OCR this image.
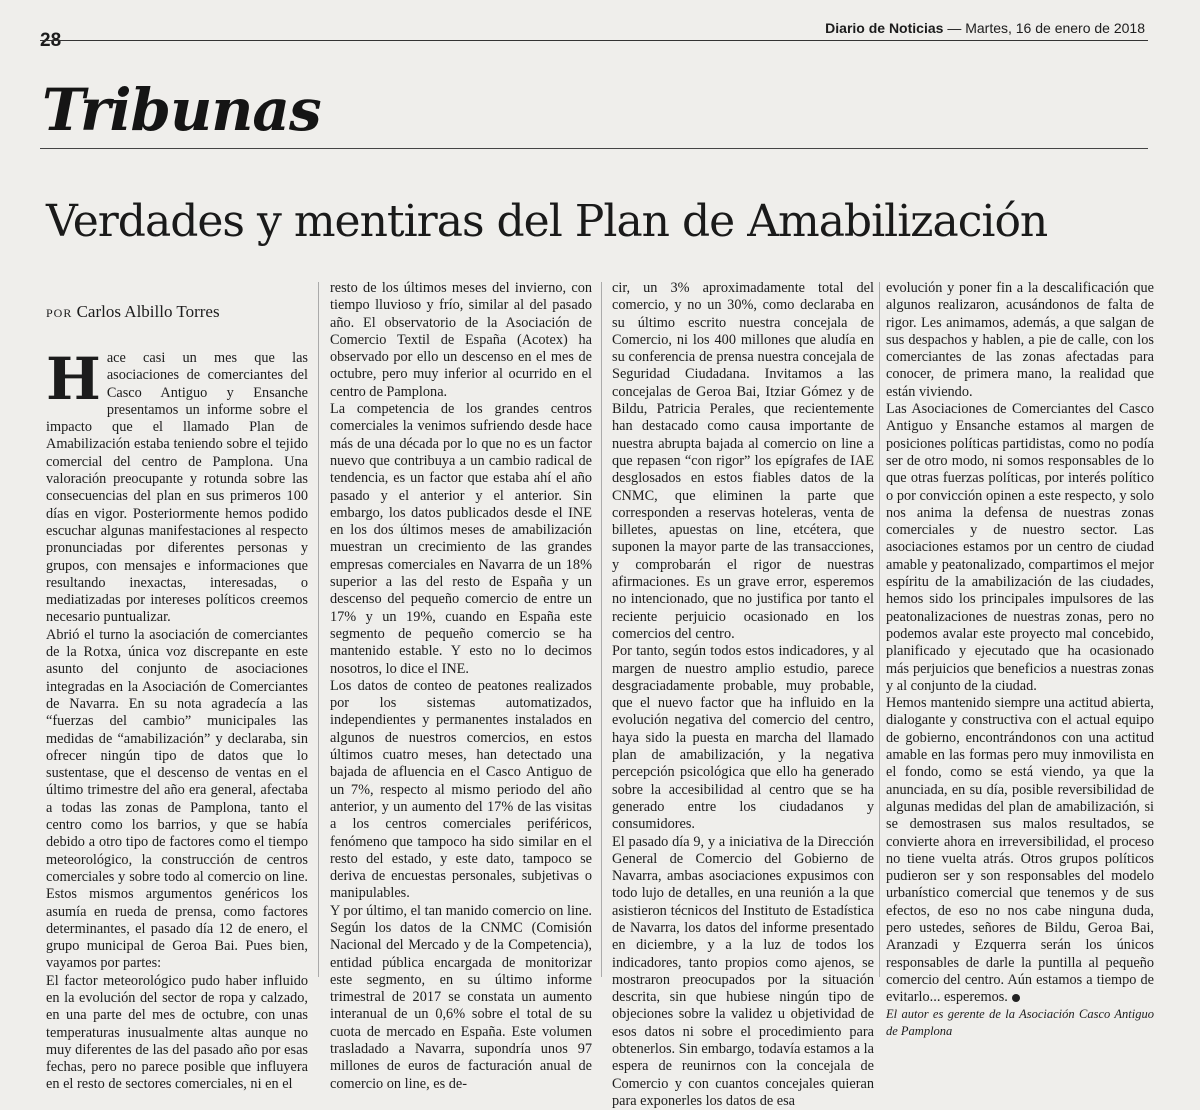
28
Diario de Noticias — Martes, 16 de enero de 2018
Tribunas
Verdades y mentiras del Plan de Amabilización
POR Carlos Albillo Torres

Hace casi un mes que las asociaciones de comerciantes del Casco Antiguo y Ensanche presentamos un informe sobre el impacto que el llamado Plan de Amabilización estaba teniendo sobre el tejido comercial del centro de Pamplona. Una valoración preocupante y rotunda sobre las consecuencias del plan en sus primeros 100 días en vigor. Posteriormente hemos podido escuchar algunas manifestaciones al respecto pronunciadas por diferentes personas y grupos, con mensajes e informaciones que resultando inexactas, interesadas, o mediatizadas por intereses políticos creemos necesario puntualizar.

Abrió el turno la asociación de comerciantes de la Rotxa, única voz discrepante en este asunto del conjunto de asociaciones integradas en la Asociación de Comerciantes de Navarra. En su nota agradecía a las “fuerzas del cambio” municipales las medidas de “amabilización” y declaraba, sin ofrecer ningún tipo de datos que lo sustentase, que el descenso de ventas en el último trimestre del año era general, afectaba a todas las zonas de Pamplona, tanto el centro como los barrios, y que se había debido a otro tipo de factores como el tiempo meteorológico, la construcción de centros comerciales y sobre todo al comercio on line. Estos mismos argumentos genéricos los asumía en rueda de prensa, como factores determinantes, el pasado día 12 de enero, el grupo municipal de Geroa Bai. Pues bien, vayamos por partes:

El factor meteorológico pudo haber influido en la evolución del sector de ropa y calzado, en una parte del mes de octubre, con unas temperaturas inusualmente altas aunque no muy diferentes de las del pasado año por esas fechas, pero no parece posible que influyera en el resto de sectores comerciales, ni en el

resto de los últimos meses del invierno, con tiempo lluvioso y frío, similar al del pasado año. El observatorio de la Asociación de Comercio Textil de España (Acotex) ha observado por ello un descenso en el mes de octubre, pero muy inferior al ocurrido en el centro de Pamplona.

La competencia de los grandes centros comerciales la venimos sufriendo desde hace más de una década por lo que no es un factor nuevo que contribuya a un cambio radical de tendencia, es un factor que estaba ahí el año pasado y el anterior y el anterior. Sin embargo, los datos publicados desde el INE en los dos últimos meses de amabilización muestran un crecimiento de las grandes empresas comerciales en Navarra de un 18% superior a las del resto de España y un descenso del pequeño comercio de entre un 17% y un 19%, cuando en España este segmento de pequeño comercio se ha mantenido estable. Y esto no lo decimos nosotros, lo dice el INE.

Los datos de conteo de peatones realizados por los sistemas automatizados, independientes y permanentes instalados en algunos de nuestros comercios, en estos últimos cuatro meses, han detectado una bajada de afluencia en el Casco Antiguo de un 7%, respecto al mismo periodo del año anterior, y un aumento del 17% de las visitas a los centros comerciales periféricos, fenómeno que tampoco ha sido similar en el resto del estado, y este dato, tampoco se deriva de encuestas personales, subjetivas o manipulables.

Y por último, el tan manido comercio on line. Según los datos de la CNMC (Comisión Nacional del Mercado y de la Competencia), entidad pública encargada de monitorizar este segmento, en su último informe trimestral de 2017 se constata un aumento interanual de un 0,6% sobre el total de su cuota de mercado en España. Este volumen trasladado a Navarra, supondría unos 97 millones de euros de facturación anual de comercio on line, es de-

cir, un 3% aproximadamente total del comercio, y no un 30%, como declaraba en su último escrito nuestra concejala de Comercio, ni los 400 millones que aludía en su conferencia de prensa nuestra concejala de Seguridad Ciudadana. Invitamos a las concejalas de Geroa Bai, Itziar Gómez y de Bildu, Patricia Perales, que recientemente han destacado como causa importante de nuestra abrupta bajada al comercio on line a que repasen “con rigor” los epígrafes de IAE desglosados en estos fiables datos de la CNMC, que eliminen la parte que corresponden a reservas hoteleras, venta de billetes, apuestas on line, etcétera, que suponen la mayor parte de las transacciones, y comprobarán el rigor de nuestras afirmaciones. Es un grave error, esperemos no intencionado, que no justifica por tanto el reciente perjuicio ocasionado en los comercios del centro.

Por tanto, según todos estos indicadores, y al margen de nuestro amplio estudio, parece desgraciadamente probable, muy probable, que el nuevo factor que ha influido en la evolución negativa del comercio del centro, haya sido la puesta en marcha del llamado plan de amabilización, y la negativa percepción psicológica que ello ha generado sobre la accesibilidad al centro que se ha generado entre los ciudadanos y consumidores.

El pasado día 9, y a iniciativa de la Dirección General de Comercio del Gobierno de Navarra, ambas asociaciones expusimos con todo lujo de detalles, en una reunión a la que asistieron técnicos del Instituto de Estadística de Navarra, los datos del informe presentado en diciembre, y a la luz de todos los indicadores, tanto propios como ajenos, se mostraron preocupados por la situación descrita, sin que hubiese ningún tipo de objeciones sobre la validez u objetividad de esos datos ni sobre el procedimiento para obtenerlos. Sin embargo, todavía estamos a la espera de reunirnos con la concejala de Comercio y con cuantos concejales quieran para exponerles los datos de esa

evolución y poner fin a la descalificación que algunos realizaron, acusándonos de falta de rigor. Les animamos, además, a que salgan de sus despachos y hablen, a pie de calle, con los comerciantes de las zonas afectadas para conocer, de primera mano, la realidad que están viviendo.

Las Asociaciones de Comerciantes del Casco Antiguo y Ensanche estamos al margen de posiciones políticas partidistas, como no podía ser de otro modo, ni somos responsables de lo que otras fuerzas políticas, por interés político o por convicción opinen a este respecto, y solo nos anima la defensa de nuestras zonas comerciales y de nuestro sector. Las asociaciones estamos por un centro de ciudad amable y peatonalizado, compartimos el mejor espíritu de la amabilización de las ciudades, hemos sido los principales impulsores de las peatonalizaciones de nuestras zonas, pero no podemos avalar este proyecto mal concebido, planificado y ejecutado que ha ocasionado más perjuicios que beneficios a nuestras zonas y al conjunto de la ciudad.

Hemos mantenido siempre una actitud abierta, dialogante y constructiva con el actual equipo de gobierno, encontrándonos con una actitud amable en las formas pero muy inmovilista en el fondo, como se está viendo, ya que la anunciada, en su día, posible reversibilidad de algunas medidas del plan de amabilización, si se demostrasen sus malos resultados, se convierte ahora en irreversibilidad, el proceso no tiene vuelta atrás. Otros grupos políticos pudieron ser y son responsables del modelo urbanístico comercial que tenemos y de sus efectos, de eso no nos cabe ninguna duda, pero ustedes, señores de Bildu, Geroa Bai, Aranzadi y Ezquerra serán los únicos responsables de darle la puntilla al pequeño comercio del centro. Aún estamos a tiempo de evitarlo... esperemos.

El autor es gerente de la Asociación Casco Antiguo de Pamplona
